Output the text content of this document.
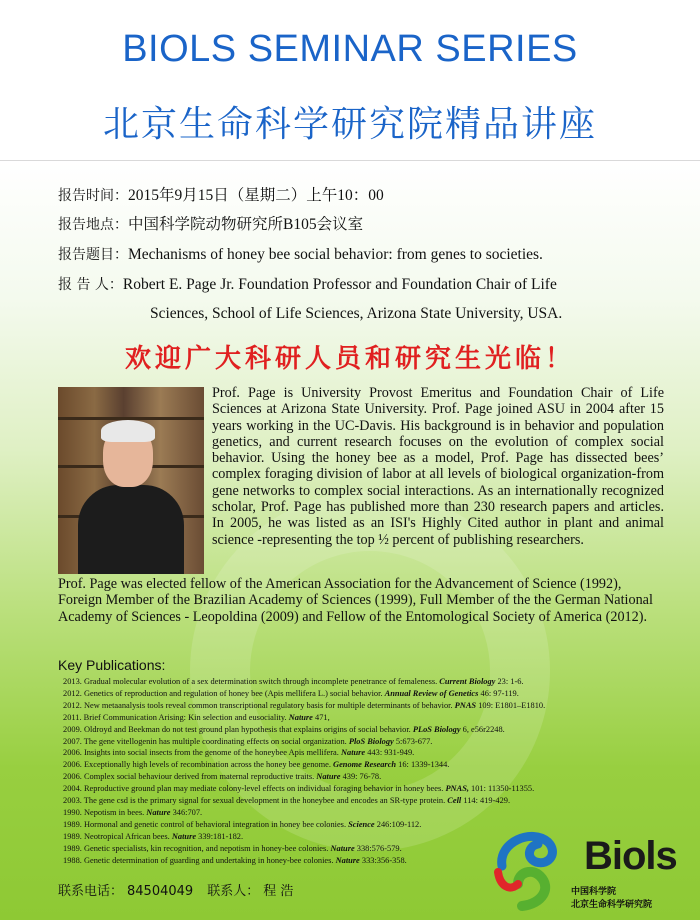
BIOLS SEMINAR SERIES
北京生命科学研究院精品讲座
报告时间：2015年9月15日（星期二）上午10：00
报告地点：中国科学院动物研究所B105会议室
报告题目：Mechanisms of honey bee social behavior: from genes to societies.
报 告 人：Robert E. Page Jr. Foundation Professor and Foundation Chair of Life
Sciences, School of Life Sciences, Arizona State University, USA.
欢迎广大科研人员和研究生光临！
Prof. Page is University Provost Emeritus and Foundation Chair of Life Sciences at Arizona State University. Prof. Page joined ASU in 2004 after 15 years working in the UC-Davis. His background is in behavior and population genetics, and current research focuses on the evolution of complex social behavior. Using the honey bee as a model, Prof. Page has dissected bees’ complex foraging division of labor at all levels of biological organization-from gene networks to complex social interactions. As an internationally recognized scholar, Prof. Page has published more than 230 research papers and articles. In 2005, he was listed as an ISI's Highly Cited author in plant and animal science -representing the top ½ percent of publishing researchers.
Prof. Page was elected fellow of the American Association for the Advancement of Science (1992), Foreign Member of the Brazilian Academy of Sciences (1999), Full Member of the the German National Academy of Sciences - Leopoldina (2009) and Fellow of the Entomological Society of America (2012).
Key Publications:
2013. Gradual molecular evolution of a sex determination switch through incomplete penetrance of femaleness. Current Biology 23: 1-6.
2012. Genetics of reproduction and regulation of honey bee (Apis mellifera L.) social behavior. Annual Review of Genetics 46: 97-119.
2012. New metaanalysis tools reveal common transcriptional regulatory basis for multiple determinants of behavior. PNAS 109: E1801–E1810.
2011. Brief Communication Arising: Kin selection and eusociality. Nature 471,
2009. Oldroyd and Beekman do not test ground plan hypothesis that explains origins of social behavior. PLoS Biology 6, e56r2248.
2007. The gene vitellogenin has multiple coordinating effects on social organization. PloS Biology 5:673-677.
2006. Insights into social insects from the genome of the honeybee Apis mellifera. Nature 443: 931-949.
2006. Exceptionally high levels of recombination across the honey bee genome. Genome Research 16: 1339-1344.
2006. Complex social behaviour derived from maternal reproductive traits. Nature 439: 76-78.
2004. Reproductive ground plan may mediate colony-level effects on individual foraging behavior in honey bees. PNAS, 101: 11350-11355.
2003. The gene csd is the primary signal for sexual development in the honeybee and encodes an SR-type protein. Cell 114: 419-429.
1990. Nepotism in bees. Nature 346:707.
1989. Hormonal and genetic control of behavioral integration in honey bee colonies. Science 246:109-112.
1989. Neotropical African bees. Nature 339:181-182.
1989. Genetic specialists, kin recognition, and nepotism in honey-bee colonies. Nature 338:576-579.
1988. Genetic determination of guarding and undertaking in honey-bee colonies. Nature 333:356-358.
联系电话： 84504049 联系人： 程 浩
Biols
中国科学院
北京生命科学研究院
